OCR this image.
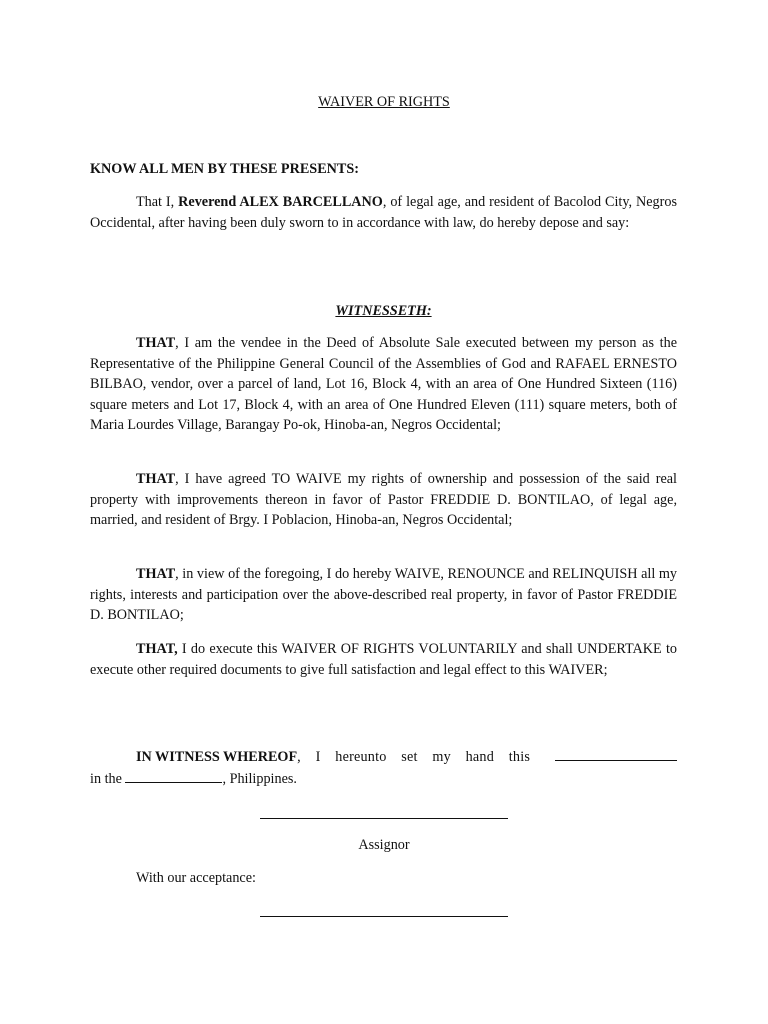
WAIVER OF RIGHTS
KNOW ALL MEN BY THESE PRESENTS:
That I, Reverend ALEX BARCELLANO, of legal age, and resident of Bacolod City, Negros Occidental, after having been duly sworn to in accordance with law, do hereby depose and say:
WITNESSETH:
THAT, I am the vendee in the Deed of Absolute Sale executed between my person as the Representative of the Philippine General Council of the Assemblies of God and RAFAEL ERNESTO BILBAO, vendor, over a parcel of land, Lot 16, Block 4, with an area of One Hundred Sixteen (116) square meters and Lot 17, Block 4, with an area of One Hundred Eleven (111) square meters, both of Maria Lourdes Village, Barangay Po-ok, Hinoba-an, Negros Occidental;
THAT, I have agreed TO WAIVE my rights of ownership and possession of the said real property with improvements thereon in favor of Pastor FREDDIE D. BONTILAO, of legal age, married, and resident of Brgy. I Poblacion, Hinoba-an, Negros Occidental;
THAT, in view of the foregoing, I do hereby WAIVE, RENOUNCE and RELINQUISH all my rights, interests and participation over the above-described real property, in favor of Pastor FREDDIE D. BONTILAO;
THAT, I do execute this WAIVER OF RIGHTS VOLUNTARILY and shall UNDERTAKE to execute other required documents to give full satisfaction and legal effect to this WAIVER;
IN WITNESS WHEREOF , I hereunto set my hand this
in the	, Philippines.
Assignor
With our acceptance:
